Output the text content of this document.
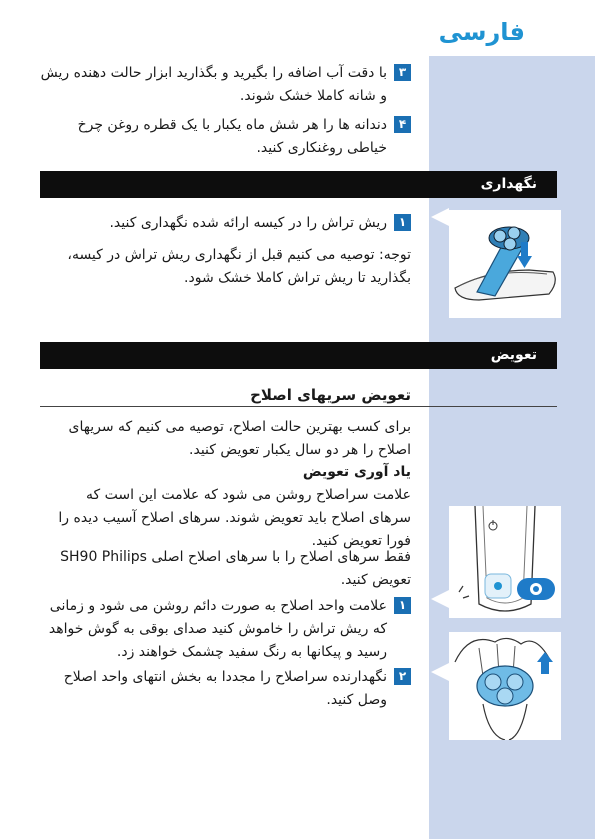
فارسی
۳
با دقت آب اضافه را بگیرید و بگذارید ابزار حالت دهنده ریش و شانه کاملا خشک شوند.
۴
دندانه ها را هر شش ماه یکبار با یک قطره روغن چرخ خیاطی روغنکاری کنید.
نگهداری
۱
ریش تراش را در کیسه ارائه شده نگهداری کنید.
توجه: توصیه می کنیم قبل از نگهداری ریش تراش در کیسه، بگذارید تا ریش تراش کاملا خشک شود.
تعویض
تعویض سریهای اصلاح
برای کسب بهترین حالت اصلاح، توصیه می کنیم که سریهای اصلاح را هر دو سال یکبار تعویض کنید.
یاد آوری تعویض
علامت سراصلاح روشن می شود که علامت این است که سرهای اصلاح باید تعویض شوند. سرهای اصلاح آسیب دیده را فورا تعویض کنید.
فقط سرهای اصلاح را با سرهای اصلاح اصلی SH90 Philips تعویض کنید.
۱
علامت واحد اصلاح به صورت دائم روشن می شود و زمانی که ریش تراش را خاموش کنید صدای بوقی به گوش خواهد رسید و پیکانها به رنگ سفید چشمک خواهند زد.
۲
نگهدارنده سراصلاح را مجددا به بخش انتهای واحد اصلاح وصل کنید.
